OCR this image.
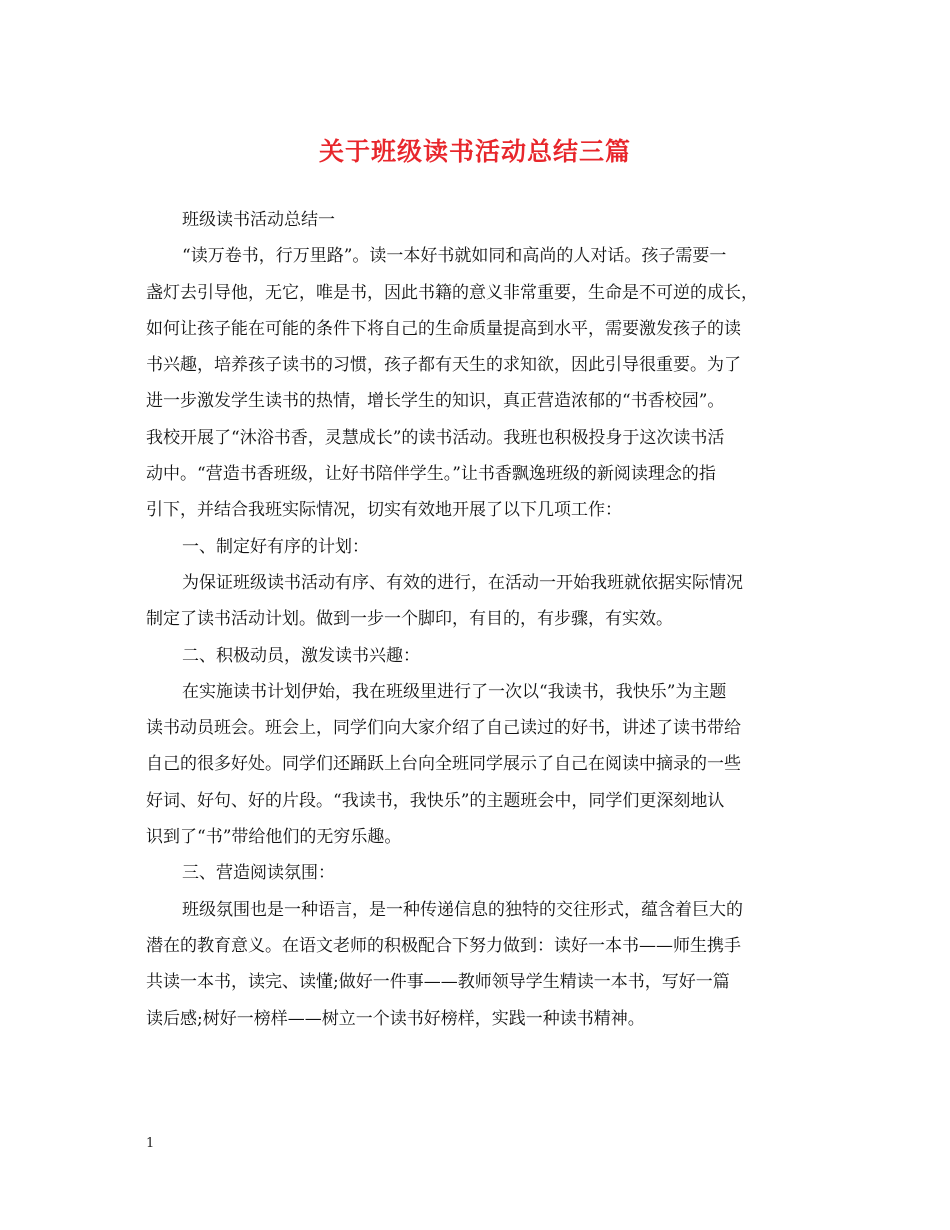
关于班级读书活动总结三篇
班级读书活动总结一
“读万卷书，行万里路”。读一本好书就如同和高尚的人对话。孩子需要一
盏灯去引导他，无它，唯是书，因此书籍的意义非常重要，生命是不可逆的成长，
如何让孩子能在可能的条件下将自己的生命质量提高到水平，需要激发孩子的读
书兴趣，培养孩子读书的习惯，孩子都有天生的求知欲，因此引导很重要。为了
进一步激发学生读书的热情，增长学生的知识，真正营造浓郁的“书香校园”。
我校开展了“沐浴书香，灵慧成长”的读书活动。我班也积极投身于这次读书活
动中。“营造书香班级，让好书陪伴学生。”让书香飘逸班级的新阅读理念的指
引下，并结合我班实际情况，切实有效地开展了以下几项工作：
一、制定好有序的计划：
为保证班级读书活动有序、有效的进行，在活动一开始我班就依据实际情况
制定了读书活动计划。做到一步一个脚印，有目的，有步骤，有实效。
二、积极动员，激发读书兴趣：
在实施读书计划伊始，我在班级里进行了一次以“我读书，我快乐”为主题
读书动员班会。班会上，同学们向大家介绍了自己读过的好书，讲述了读书带给
自己的很多好处。同学们还踊跃上台向全班同学展示了自己在阅读中摘录的一些
好词、好句、好的片段。“我读书，我快乐”的主题班会中，同学们更深刻地认
识到了“书”带给他们的无穷乐趣。
三、营造阅读氛围：
班级氛围也是一种语言，是一种传递信息的独特的交往形式，蕴含着巨大的
潜在的教育意义。在语文老师的积极配合下努力做到：读好一本书——师生携手
共读一本书，读完、读懂;做好一件事——教师领导学生精读一本书，写好一篇
读后感;树好一榜样——树立一个读书好榜样，实践一种读书精神。
1
